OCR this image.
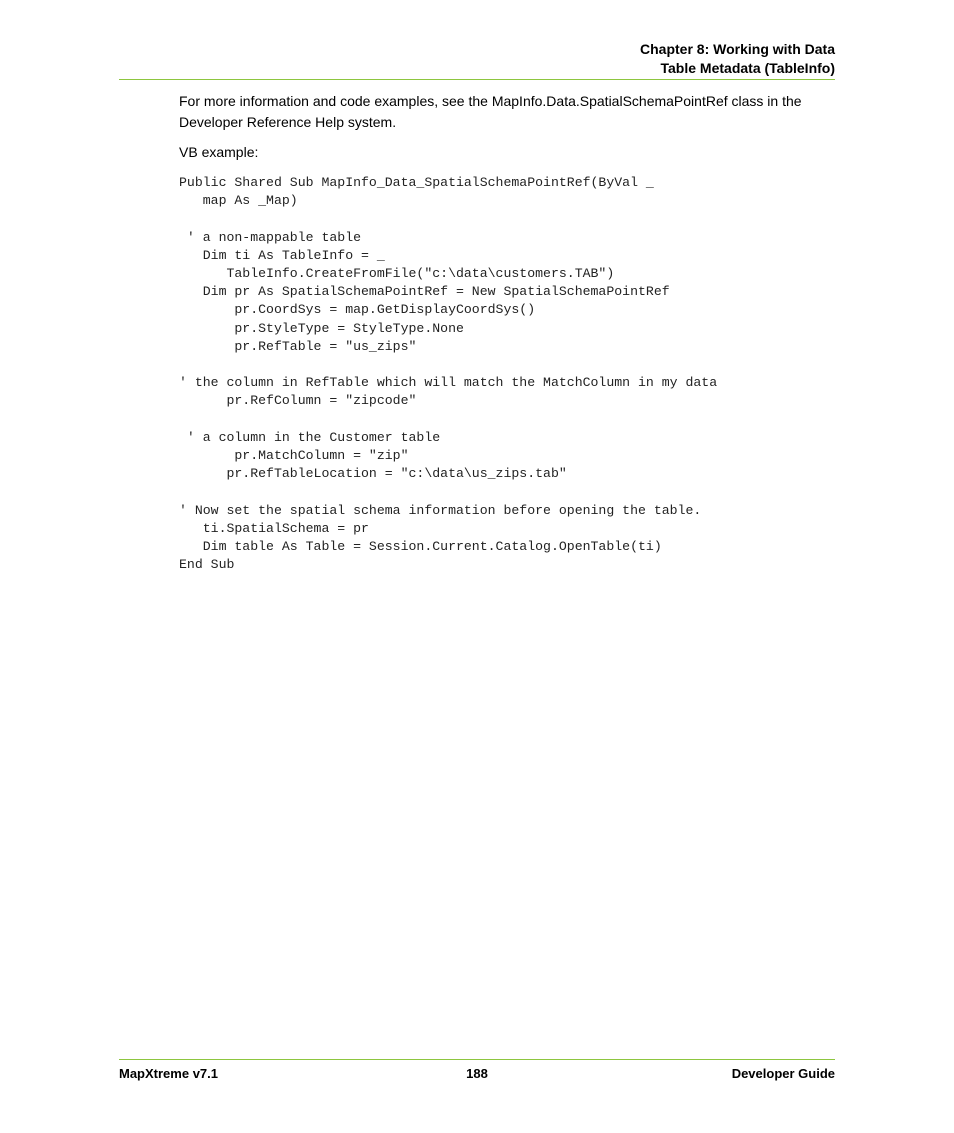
Chapter 8: Working with Data
Table Metadata (TableInfo)

For more information and code examples, see the MapInfo.Data.SpatialSchemaPointRef class in the Developer Reference Help system.

VB example:

Public Shared Sub MapInfo_Data_SpatialSchemaPointRef(ByVal _
map As _Map)
' a non-mappable table
Dim ti As TableInfo = _
TableInfo.CreateFromFile("c:\data\customers.TAB")
Dim pr As SpatialSchemaPointRef = New SpatialSchemaPointRef
pr.CoordSys = map.GetDisplayCoordSys()
pr.StyleType = StyleType.None
pr.RefTable = "us_zips"
' the column in RefTable which will match the MatchColumn in my data
pr.RefColumn = "zipcode"
' a column in the Customer table
pr.MatchColumn = "zip"
pr.RefTableLocation = "c:\data\us_zips.tab"
' Now set the spatial schema information before opening the table.
ti.SpatialSchema = pr
Dim table As Table = Session.Current.Catalog.OpenTable(ti)
End Sub
MapXtreme v7.1	188	Developer Guide
